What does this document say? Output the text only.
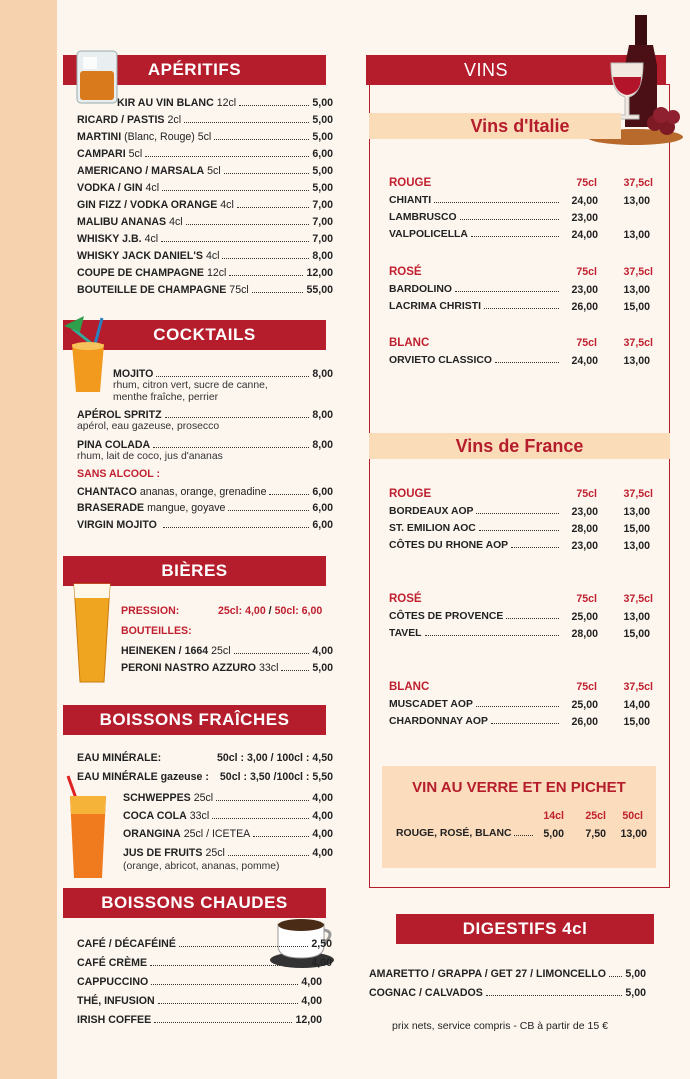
APÉRITIFS
KIR AU VIN BLANC 12cl	5,00
RICARD / PASTIS 2cl	5,00
MARTINI (Blanc, Rouge) 5cl	5,00
CAMPARI 5cl	6,00
AMERICANO / MARSALA 5cl	5,00
VODKA / GIN 4cl	5,00
GIN FIZZ / VODKA ORANGE 4cl	7,00
MALIBU ANANAS 4cl	7,00
WHISKY J.B. 4cl	7,00
WHISKY JACK DANIEL'S 4cl	8,00
COUPE DE CHAMPAGNE 12cl	12,00
BOUTEILLE DE CHAMPAGNE 75cl	55,00
COCKTAILS
MOJITO	8,00
rhum, citron vert, sucre de canne,
menthe fraîche, perrier
APÉROL SPRITZ	8,00
apérol, eau gazeuse, prosecco
PINA COLADA	8,00
rhum, lait de coco, jus d'ananas
SANS ALCOOL :
CHANTACO ananas, orange, grenadine	6,00
BRASERADE mangue, goyave	6,00
VIRGIN MOJITO	6,00
BIÈRES
PRESSION:	25cl: 4,00 / 50cl: 6,00
BOUTEILLES:
HEINEKEN / 1664 25cl	4,00
PERONI NASTRO AZZURO 33cl	5,00
BOISSONS FRAÎCHES
EAU MINÉRALE:	50cl : 3,00 / 100cl : 4,50
EAU MINÉRALE gazeuse : 50cl : 3,50 /100cl : 5,50
SCHWEPPES 25cl	4,00
COCA COLA 33cl	4,00
ORANGINA 25cl / ICETEA	4,00
JUS DE FRUITS 25cl	4,00
(orange, abricot, ananas, pomme)
BOISSONS CHAUDES
CAFÉ / DÉCAFÉINÉ	2,50
CAFÉ CRÈME	4,00
CAPPUCCINO	4,00
THÉ, INFUSION	4,00
IRISH COFFEE	12,00
VINS
Vins d'Italie
Vins de France
ROUGE	75cl	37,5cl
CHIANTI	24,00	13,00
LAMBRUSCO	23,00
VALPOLICELLA	24,00	13,00
ROSÉ	75cl	37,5cl
BARDOLINO	23,00	13,00
LACRIMA CHRISTI	26,00	15,00
BLANC	75cl	37,5cl
ORVIETO CLASSICO	24,00	13,00
ROUGE	75cl	37,5cl
BORDEAUX AOP	23,00	13,00
ST. EMILION AOC	28,00	15,00
CÔTES DU RHONE AOP	23,00	13,00
ROSÉ	75cl	37,5cl
CÔTES DE PROVENCE	25,00	13,00
TAVEL	28,00	15,00
BLANC	75cl	37,5cl
MUSCADET AOP	25,00	14,00
CHARDONNAY AOP	26,00	15,00
VIN AU VERRE ET EN PICHET
14cl	25cl	50cl
ROUGE, ROSÉ, BLANC	5,00	7,50	13,00
DIGESTIFS 4cl
AMARETTO / GRAPPA / GET 27 / LIMONCELLO 5,00
COGNAC / CALVADOS	5,00
prix nets, service compris - CB à partir de 15 €
